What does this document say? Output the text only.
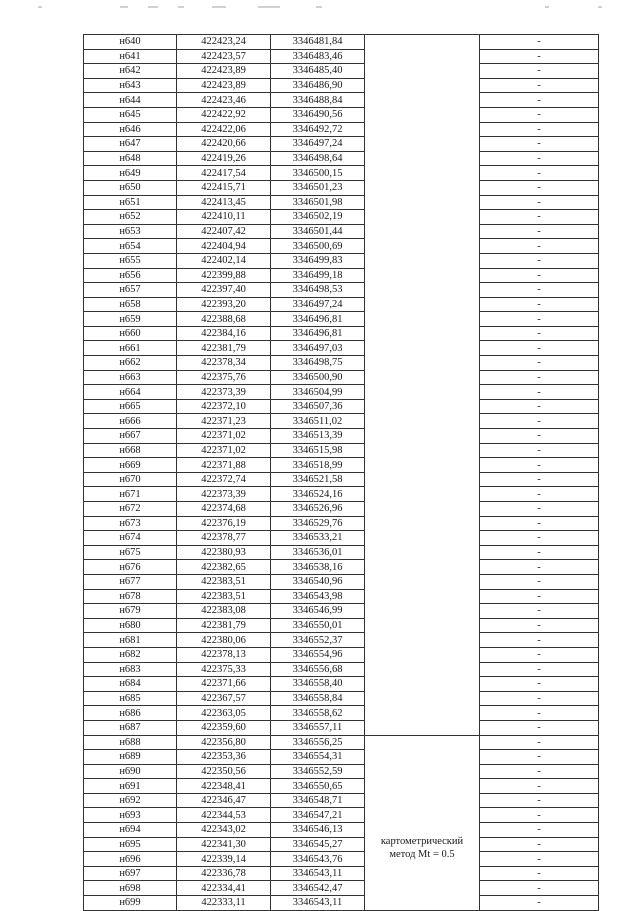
н640	422423,24	3346481,84		-
н641	422423,57	3346483,46		-
н642	422423,89	3346485,40		-
н643	422423,89	3346486,90		-
н644	422423,46	3346488,84		-
н645	422422,92	3346490,56		-
н646	422422,06	3346492,72		-
н647	422420,66	3346497,24		-
н648	422419,26	3346498,64		-
н649	422417,54	3346500,15		-
н650	422415,71	3346501,23		-
н651	422413,45	3346501,98		-
н652	422410,11	3346502,19		-
н653	422407,42	3346501,44		-
н654	422404,94	3346500,69		-
н655	422402,14	3346499,83		-
н656	422399,88	3346499,18		-
н657	422397,40	3346498,53		-
н658	422393,20	3346497,24		-
н659	422388,68	3346496,81		-
н660	422384,16	3346496,81		-
н661	422381,79	3346497,03		-
н662	422378,34	3346498,75		-
н663	422375,76	3346500,90		-
н664	422373,39	3346504,99		-
н665	422372,10	3346507,36		-
н666	422371,23	3346511,02		-
н667	422371,02	3346513,39		-
н668	422371,02	3346515,98		-
н669	422371,88	3346518,99		-
н670	422372,74	3346521,58		-
н671	422373,39	3346524,16		-
н672	422374,68	3346526,96		-
н673	422376,19	3346529,76		-
н674	422378,77	3346533,21		-
н675	422380,93	3346536,01		-
н676	422382,65	3346538,16		-
н677	422383,51	3346540,96		-
н678	422383,51	3346543,98		-
н679	422383,08	3346546,99		-
н680	422381,79	3346550,01		-
н681	422380,06	3346552,37		-
н682	422378,13	3346554,96		-
н683	422375,33	3346556,68		-
н684	422371,66	3346558,40		-
н685	422367,57	3346558,84		-
н686	422363,05	3346558,62		-
н687	422359,60	3346557,11		-
н688	422356,80	3346556,25	картометрический
метод Mt = 0.5	-
н689	422353,36	3346554,31		-
н690	422350,56	3346552,59		-
н691	422348,41	3346550,65		-
н692	422346,47	3346548,71		-
н693	422344,53	3346547,21		-
н694	422343,02	3346546,13		-
н695	422341,30	3346545,27		-
н696	422339,14	3346543,76		-
н697	422336,78	3346543,11		-
н698	422334,41	3346542,47		-
н699	422333,11	3346543,11		-
